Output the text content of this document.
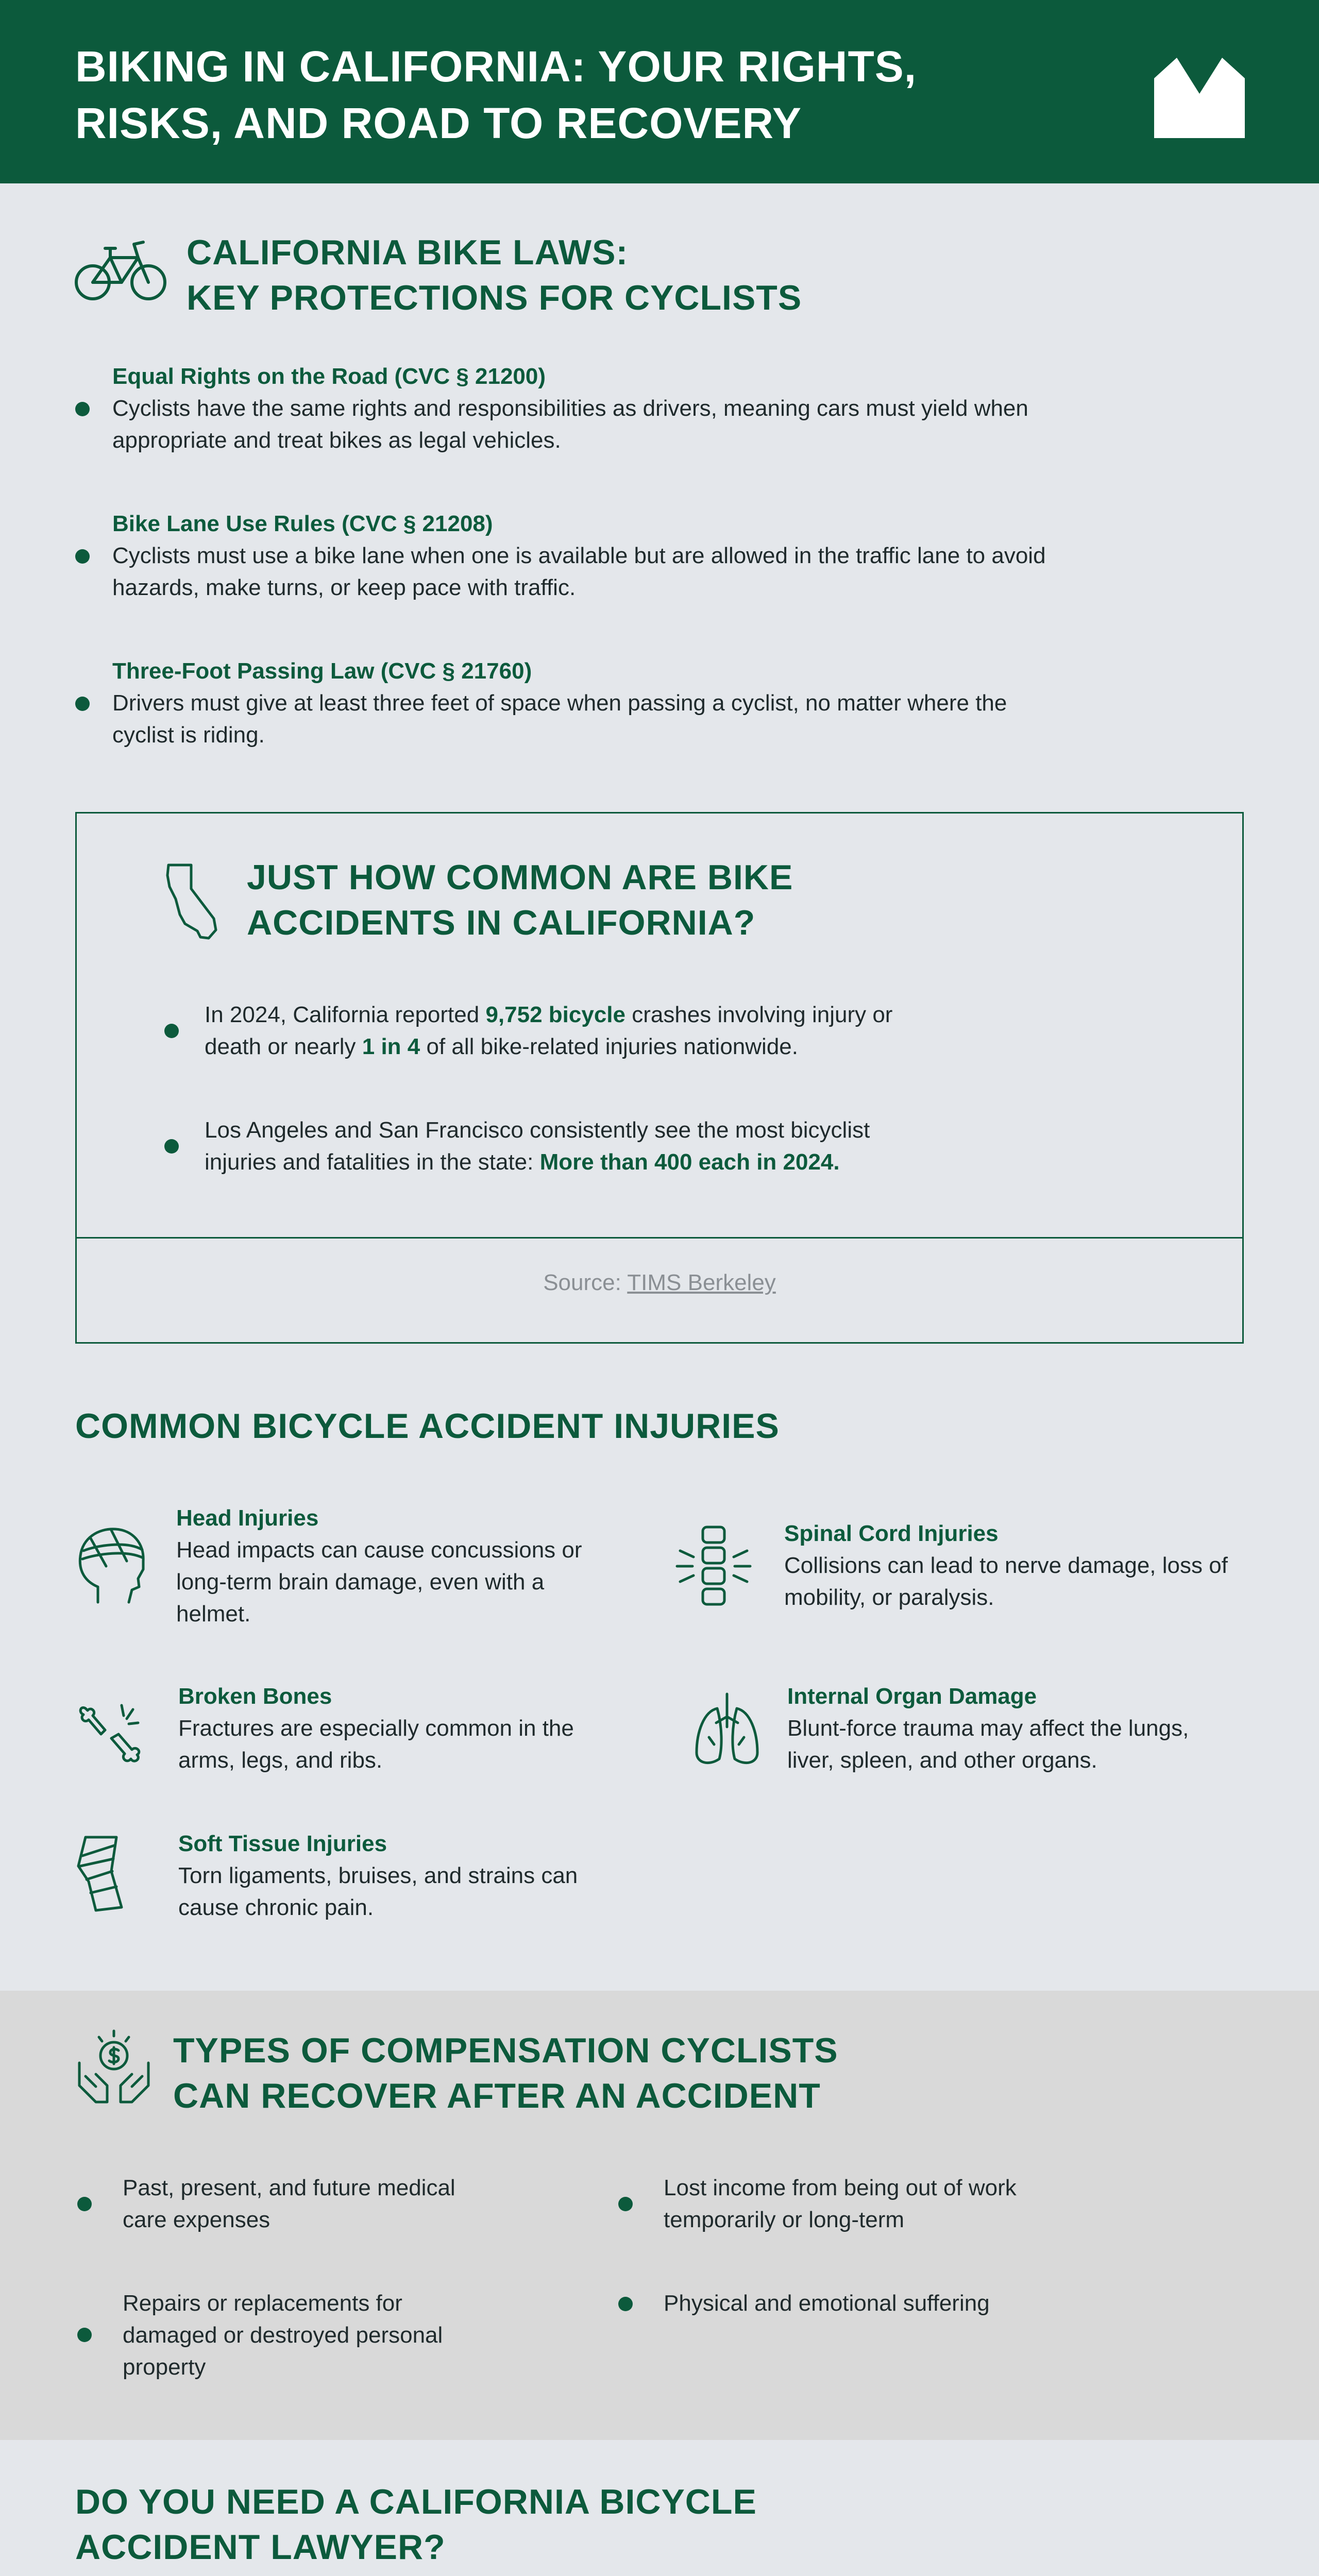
BIKING IN CALIFORNIA: YOUR RIGHTS, RISKS, AND ROAD TO RECOVERY
CALIFORNIA BIKE LAWS:
KEY PROTECTIONS FOR CYCLISTS
Equal Rights on the Road (CVC § 21200)
Cyclists have the same rights and responsibilities as drivers, meaning cars must yield when appropriate and treat bikes as legal vehicles.
Bike Lane Use Rules (CVC § 21208)
Cyclists must use a bike lane when one is available but are allowed in the traffic lane to avoid hazards, make turns, or keep pace with traffic.
Three-Foot Passing Law (CVC § 21760)
Drivers must give at least three feet of space when passing a cyclist, no matter where the cyclist is riding.
JUST HOW COMMON ARE BIKE
ACCIDENTS IN CALIFORNIA?
In 2024, California reported 9,752 bicycle crashes involving injury or death or nearly 1 in 4 of all bike-related injuries nationwide.
Los Angeles and San Francisco consistently see the most bicyclist injuries and fatalities in the state: More than 400 each in 2024.
Source: TIMS Berkeley
COMMON BICYCLE ACCIDENT INJURIES
Head Injuries
Head impacts can cause concussions or long-term brain damage, even with a helmet.
Spinal Cord Injuries
Collisions can lead to nerve damage, loss of mobility, or paralysis.
Broken Bones
Fractures are especially common in the arms, legs, and ribs.
Internal Organ Damage
Blunt-force trauma may affect the lungs, liver, spleen, and other organs.
Soft Tissue Injuries
Torn ligaments, bruises, and strains can cause chronic pain.
TYPES OF COMPENSATION CYCLISTS
CAN RECOVER AFTER AN ACCIDENT
Past, present, and future medical care expenses
Lost income from being out of work temporarily or long-term
Repairs or replacements for damaged or destroyed personal property
Physical and emotional suffering
DO YOU NEED A CALIFORNIA BICYCLE
ACCIDENT LAWYER?
